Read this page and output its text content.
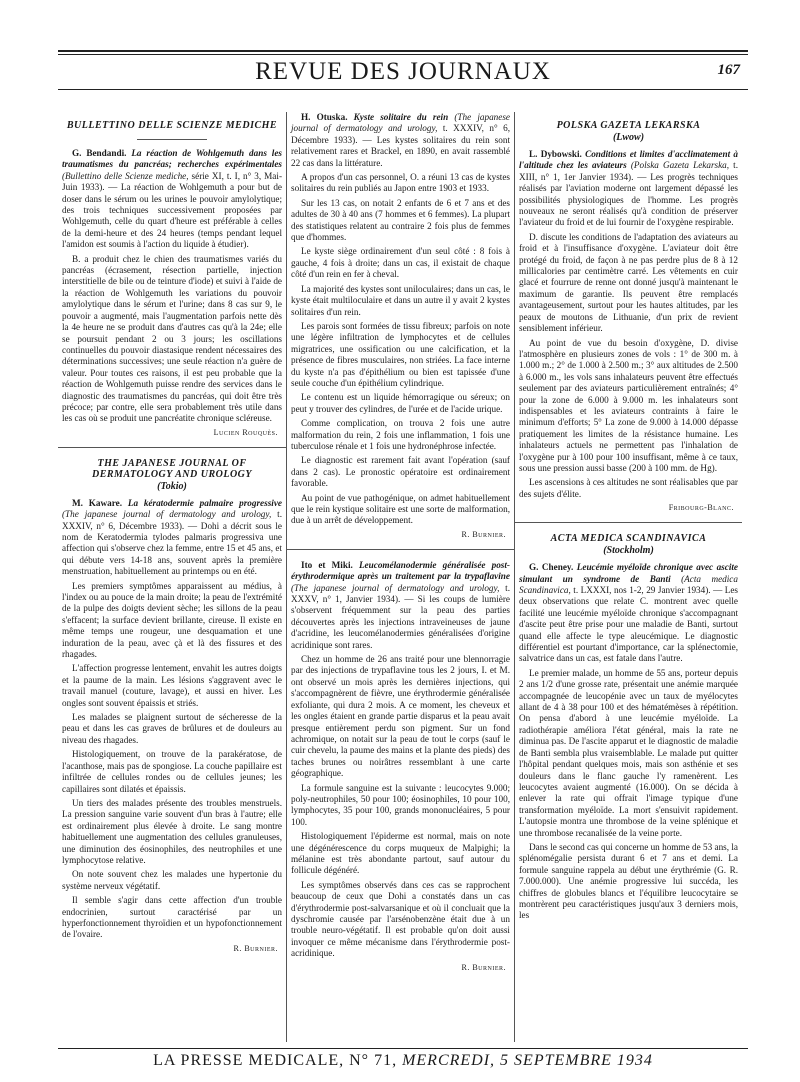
REVUE DES JOURNAUX	167
BULLETTINO DELLE SCIENZE MEDICHE

G. Bendandi. La réaction de Wohlgemuth dans les traumatismes du pancréas; recherches expérimentales (Bullettino delle Scienze mediche, série XI, t. I, n° 3, Mai-Juin 1933). — La réaction de Wohlgemuth a pour but de doser dans le sérum ou les urines le pouvoir amylolytique; des trois techniques successivement proposées par Wohlgemuth, celle du quart d'heure est préférable à celles de la demi-heure et des 24 heures (temps pendant lequel l'amidon est soumis à l'action du liquide à étudier).

B. a produit chez le chien des traumatismes variés du pancréas (écrasement, résection partielle, injection interstitielle de bile ou de teinture d'iode) et suivi à l'aide de la réaction de Wohlgemuth les variations du pouvoir amylolytique dans le sérum et l'urine; dans 8 cas sur 9, le pouvoir a augmenté, mais l'augmentation parfois nette dès la 4e heure ne se produit dans d'autres cas qu'à la 24e; elle se poursuit pendant 2 ou 3 jours; les oscillations continuelles du pouvoir diastasique rendent nécessaires des déterminations successives; une seule réaction n'a guère de valeur. Pour toutes ces raisons, il est peu probable que la réaction de Wohlgemuth puisse rendre des services dans le diagnostic des traumatismes du pancréas, qui doit être très précoce; par contre, elle sera probablement très utile dans les cas où se produit une pancréatite chronique scléreuse.

Lucien Rouquès.
THE JAPANESE JOURNAL OF DERMATOLOGY AND UROLOGY
(Tokio)

M. Kaware. La kératodermie palmaire progressive (The japanese journal of dermatology and urology, t. XXXIV, n° 6, Décembre 1933). — Dohi a décrit sous le nom de Keratodermia tylodes palmaris progressiva une affection qui s'observe chez la femme, entre 15 et 45 ans, et qui débute vers 14-18 ans, souvent après la première menstruation, habituellement au printemps ou en été.

Les premiers symptômes apparaissent au médius, à l'index ou au pouce de la main droite; la peau de l'extrémité de la pulpe des doigts devient sèche; les sillons de la peau s'effacent; la surface devient brillante, cireuse. Il existe en même temps une rougeur, une desquamation et une induration de la peau, avec çà et là des fissures et des rhagades.

L'affection progresse lentement, envahit les autres doigts et la paume de la main. Les lésions s'aggravent avec le travail manuel (couture, lavage), et aussi en hiver. Les ongles sont souvent épaissis et striés.

Les malades se plaignent surtout de sécheresse de la peau et dans les cas graves de brûlures et de douleurs au niveau des rhagades.

Histologiquement, on trouve de la parakératose, de l'acanthose, mais pas de spongiose. La couche papillaire est infiltrée de cellules rondes ou de cellules jeunes; les capillaires sont dilatés et épaissis.

Un tiers des malades présente des troubles menstruels. La pression sanguine varie souvent d'un bras à l'autre; elle est ordinairement plus élevée à droite. Le sang montre habituellement une augmentation des cellules granuleuses, une diminution des éosinophiles, des neutrophiles et une lymphocytose relative.

On note souvent chez les malades une hypertonie du système nerveux végétatif.

Il semble s'agir dans cette affection d'un trouble endocrinien, surtout caractérisé par un hyperfonctionnement thyroïdien et un hypofonctionnement de l'ovaire.

R. Burnier.

H. Otuska. Kyste solitaire du rein (The japanese journal of dermatology and urology, t. XXXIV, n° 6, Décembre 1933). — Les kystes solitaires du rein sont relativement rares et Brackel, en 1890, en avait rassemblé 22 cas dans la littérature.

A propos d'un cas personnel, O. a réuni 13 cas de kystes solitaires du rein publiés au Japon entre 1903 et 1933.

Sur les 13 cas, on notait 2 enfants de 6 et 7 ans et des adultes de 30 à 40 ans (7 hommes et 6 femmes). La plupart des statistiques relatent au contraire 2 fois plus de femmes que d'hommes.

Le kyste siège ordinairement d'un seul côté : 8 fois à gauche, 4 fois à droite; dans un cas, il existait de chaque côté d'un rein en fer à cheval.

La majorité des kystes sont uniloculaires; dans un cas, le kyste était multiloculaire et dans un autre il y avait 2 kystes solitaires d'un rein.

Les parois sont formées de tissu fibreux; parfois on note une légère infiltration de lymphocytes et de cellules migratrices, une ossification ou une calcification, et la présence de fibres musculaires, non striées. La face interne du kyste n'a pas d'épithélium ou bien est tapissée d'une seule couche d'un épithélium cylindrique.

Le contenu est un liquide hémorragique ou séreux; on peut y trouver des cylindres, de l'urée et de l'acide urique.

Comme complication, on trouva 2 fois une autre malformation du rein, 2 fois une inflammation, 1 fois une tuberculose rénale et 1 fois une hydronéphrose infectée.

Le diagnostic est rarement fait avant l'opération (sauf dans 2 cas). Le pronostic opératoire est ordinairement favorable.

Au point de vue pathogénique, on admet habituellement que le rein kystique solitaire est une sorte de malformation, due à un arrêt de développement.

R. Burnier.

Ito et Miki. Leucomélanodermie généralisée post-érythrodermique après un traitement par la trypaflavine (The japanese journal of dermatology and urology, t. XXXV, n° 1, Janvier 1934). — Si les coups de lumière s'observent fréquemment sur la peau des parties découvertes après les injections intraveineuses de jaune d'acridine, les leucomélanodermies généralisées d'origine acridinique sont rares.

Chez un homme de 26 ans traité pour une blennorragie par des injections de trypaflavine tous les 2 jours, I. et M. ont observé un mois après les dernières injections, qui s'accompagnèrent de fièvre, une érythrodermie généralisée exfoliante, qui dura 2 mois. A ce moment, les cheveux et les ongles étaient en grande partie disparus et la peau avait presque entièrement perdu son pigment. Sur un fond achromique, on notait sur la peau de tout le corps (sauf le cuir chevelu, la paume des mains et la plante des pieds) des taches brunes ou noirâtres ressemblant à une carte géographique.

La formule sanguine est la suivante : leucocytes 9.000; poly-neutrophiles, 50 pour 100; éosinophiles, 10 pour 100, lymphocytes, 35 pour 100, grands mononucléaires, 5 pour 100.

Histologiquement l'épiderme est normal, mais on note une dégénérescence du corps muqueux de Malpighi; la mélanine est très abondante partout, sauf autour du follicule dégénéré.

Les symptômes observés dans ces cas se rapprochent beaucoup de ceux que Dohi a constatés dans un cas d'érythrodermie post-salvarsanique et où il concluait que la dyschromie causée par l'arsénobenzène était due à un trouble neuro-végétatif. Il est probable qu'on doit aussi invoquer ce même mécanisme dans l'érythrodermie post-acridinique.

R. Burnier.
POLSKA GAZETA LEKARSKA
(Lwow)

L. Dybowski. Conditions et limites d'acclimatement à l'altitude chez les aviateurs (Polska Gazeta Lekarska, t. XIII, n° 1, 1er Janvier 1934). — Les progrès techniques réalisés par l'aviation moderne ont largement dépassé les possibilités physiologiques de l'homme. Les progrès nouveaux ne seront réalisés qu'à condition de préserver l'aviateur du froid et de lui fournir de l'oxygène respirable.

D. discute les conditions de l'adaptation des aviateurs au froid et à l'insuffisance d'oxygène. L'aviateur doit être protégé du froid, de façon à ne pas perdre plus de 8 à 12 millicalories par centimètre carré. Les vêtements en cuir glacé et fourrure de renne ont donné jusqu'à maintenant le maximum de garantie. Ils peuvent être remplacés avantageusement, surtout pour les hautes altitudes, par les peaux de moutons de Lithuanie, d'un prix de revient sensiblement inférieur.

Au point de vue du besoin d'oxygène, D. divise l'atmosphère en plusieurs zones de vols : 1° de 300 m. à 1.000 m.; 2° de 1.000 à 2.500 m.; 3° aux altitudes de 2.500 à 6.000 m., les vols sans inhalateurs peuvent être effectués seulement par des aviateurs particulièrement entraînés; 4° pour la zone de 6.000 à 9.000 m. les inhalateurs sont indispensables et les aviateurs contraints à faire le minimum d'efforts; 5° La zone de 9.000 à 14.000 dépasse pratiquement les limites de la résistance humaine. Les inhalateurs actuels ne permettent pas l'inhalation de l'oxygène pur à 100 pour 100 insuffisant, même à ce taux, sous une pression aussi basse (200 à 100 mm. de Hg).

Les ascensions à ces altitudes ne sont réalisables que par des sujets d'élite.

Fribourg-Blanc.
ACTA MEDICA SCANDINAVICA
(Stockholm)

G. Cheney. Leucémie myéloïde chronique avec ascite simulant un syndrome de Banti (Acta medica Scandinavica, t. LXXXI, nos 1-2, 29 Janvier 1934). — Les deux observations que relate C. montrent avec quelle facilité une leucémie myéloïde chronique s'accompagnant d'ascite peut être prise pour une maladie de Banti, surtout quand elle affecte le type aleucémique. Le diagnostic différentiel est pourtant d'importance, car la splénectomie, salvatrice dans un cas, est fatale dans l'autre.

Le premier malade, un homme de 55 ans, porteur depuis 2 ans 1/2 d'une grosse rate, présentait une anémie marquée accompagnée de leucopénie avec un taux de myélocytes allant de 4 à 38 pour 100 et des hématémèses à répétition. On pensa d'abord à une leucémie myéloïde. La radiothérapie améliora l'état général, mais la rate ne diminua pas. De l'ascite apparut et le diagnostic de maladie de Banti sembla plus vraisemblable. Le malade put quitter l'hôpital pendant quelques mois, mais son asthénie et ses douleurs dans le flanc gauche l'y ramenèrent. Les leucocytes avaient augmenté (16.000). On se décida à enlever la rate qui offrait l'image typique d'une transformation myéloïde. La mort s'ensuivit rapidement. L'autopsie montra une thrombose de la veine splénique et une thrombose recanalisée de la veine porte.

Dans le second cas qui concerne un homme de 53 ans, la splénomégalie persista durant 6 et 7 ans et demi. La formule sanguine rappela au début une érythrémie (G. R. 7.000.000). Une anémie progressive lui succéda, les chiffres de globules blancs et l'équilibre leucocytaire se montrèrent peu caractéristiques jusqu'aux 3 derniers mois, les

LA PRESSE MEDICALE, N° 71, MERCREDI, 5 SEPTEMBRE 1934
